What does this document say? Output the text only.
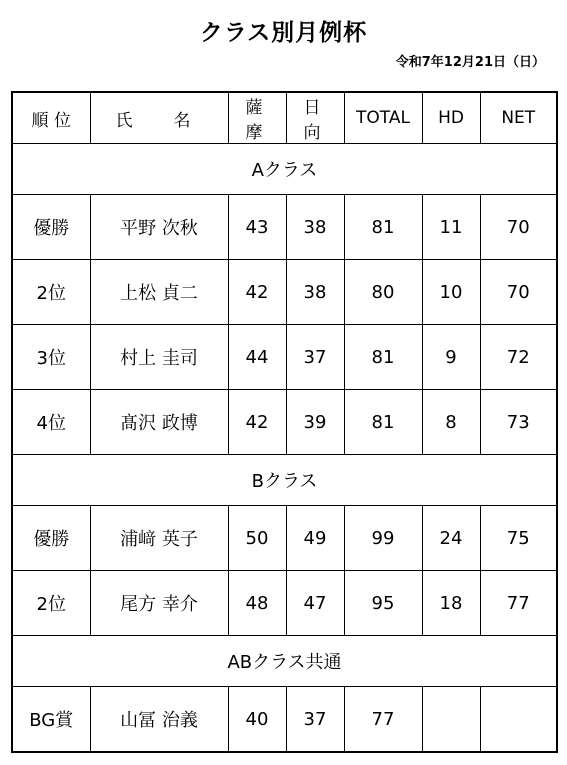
クラス別月例杯
令和7年12月21日（日）
順 位	氏　名	薩 摩	日 向	TOTAL	HD	NET
Aクラス						
優勝	平野 次秋	43	38	81	11	70
2位	上松 貞二	42	38	80	10	70
3位	村上 圭司	44	37	81	9	72
4位	髙沢 政博	42	39	81	8	73
Bクラス						
優勝	浦﨑 英子	50	49	99	24	75
2位	尾方 幸介	48	47	95	18	77
ABクラス共通						
BG賞	山冨 治義	40	37	77		
